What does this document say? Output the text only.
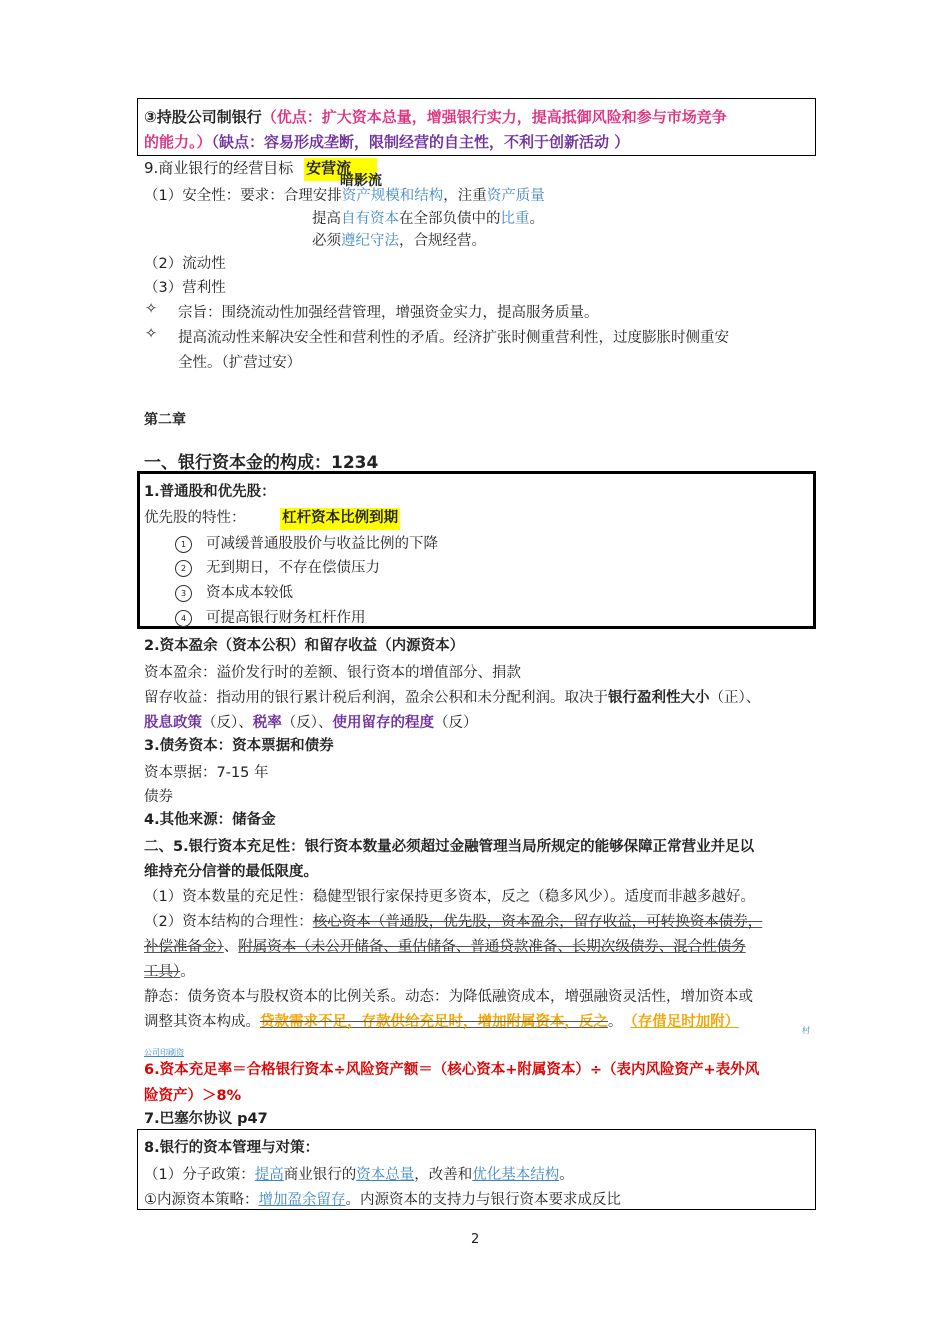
③持股公司制银行（优点：扩大资本总量，增强银行实力，提高抵御风险和参与市场竞争
的能力。）（缺点：容易形成垄断，限制经营的自主性，不利于创新活动 ）
9.商业银行的经营目标 安营流
暗影流
（1）安全性：要求：合理安排资产规模和结构，注重资产质量
提高自有资本在全部负债中的比重。
必须遵纪守法，合规经营。
（2）流动性
（3）营利性
✧ 宗旨：围绕流动性加强经营管理，增强资金实力，提高服务质量。
✧ 提高流动性来解决安全性和营利性的矛盾。经济扩张时侧重营利性，过度膨胀时侧重安
全性。（扩营过安）
第二章
一、银行资本金的构成：1234
1.普通股和优先股：
优先股的特性：	杠杆资本比例到期
1 可减缓普通股股价与收益比例的下降
2 无到期日，不存在偿债压力
3 资本成本较低
4 可提高银行财务杠杆作用
2.资本盈余（资本公积）和留存收益（内源资本）
资本盈余：溢价发行时的差额、银行资本的增值部分、捐款
留存收益：指动用的银行累计税后利润，盈余公积和未分配利润。取决于银行盈利性大小（正）、
股息政策（反）、税率（反）、使用留存的程度（反）
3.债务资本：资本票据和债券
资本票据：7-15 年
债券
4.其他来源：储备金
二、5.银行资本充足性：银行资本数量必须超过金融管理当局所规定的能够保障正常营业并足以
维持充分信誉的最低限度。
（1）资本数量的充足性：稳健型银行家保持更多资本，反之（稳多风少）。适度而非越多越好。
（2）资本结构的合理性：核心资本（普通股，优先股，资本盈余，留存收益，可转换资本债券，
补偿准备金）、附属资本（未公开储备、重估储备、普通贷款准备、长期次级债券、混合性债务
工具）。
静态：债务资本与股权资本的比例关系。动态：为降低融资成本，增强融资灵活性，增加资本或
调整其资本构成。贷款需求不足，存款供给充足时，增加附属资本，反之。 （存借足时加附）
村
公司印刷资
6.资本充足率＝合格银行资本÷风险资产额＝（核心资本+附属资本）÷（表内风险资产+表外风
险资产）＞8%
7.巴塞尔协议 p47
8.银行的资本管理与对策：
（1）分子政策：提高商业银行的资本总量，改善和优化基本结构。
①内源资本策略：增加盈余留存。内源资本的支持力与银行资本要求成反比
2
